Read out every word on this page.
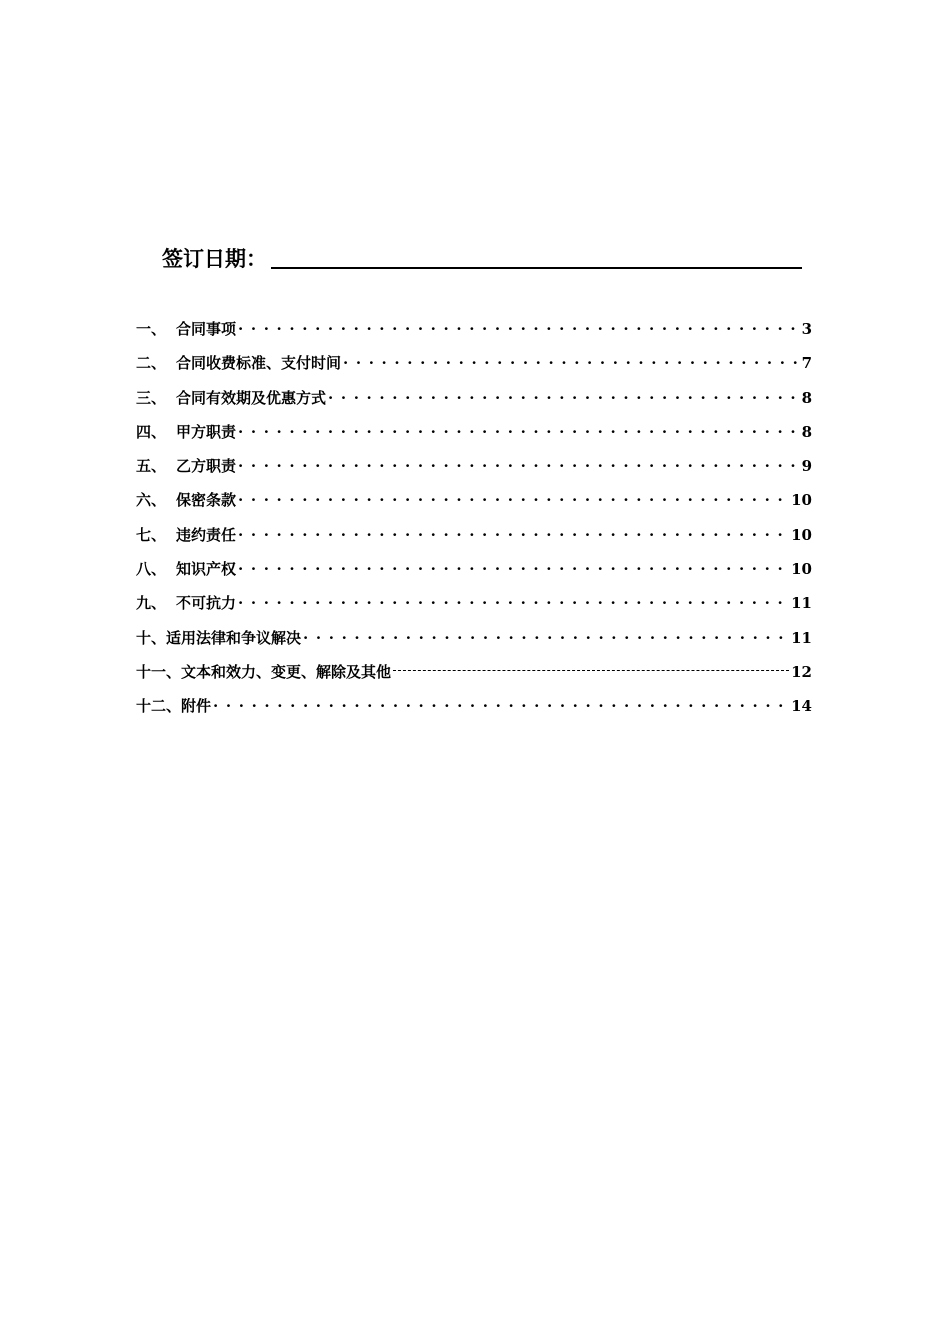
签订日期：
一、 合同事项 . . .	3
二、 合同收费标准、支付时间 . . .	7
三、 合同有效期及优惠方式 . . .	8
四、 甲方职责 . . .	8
五、 乙方职责 . . .	9
六、 保密条款 . . .	10
七、 违约责任 . . .	10
八、 知识产权 . . .	10
九、 不可抗力 . . .	11
十、 适用法律和争议解决 . . .	11
十一、 文本和效力、变更、解除及其他	12
十二、 附件 . . .	14
